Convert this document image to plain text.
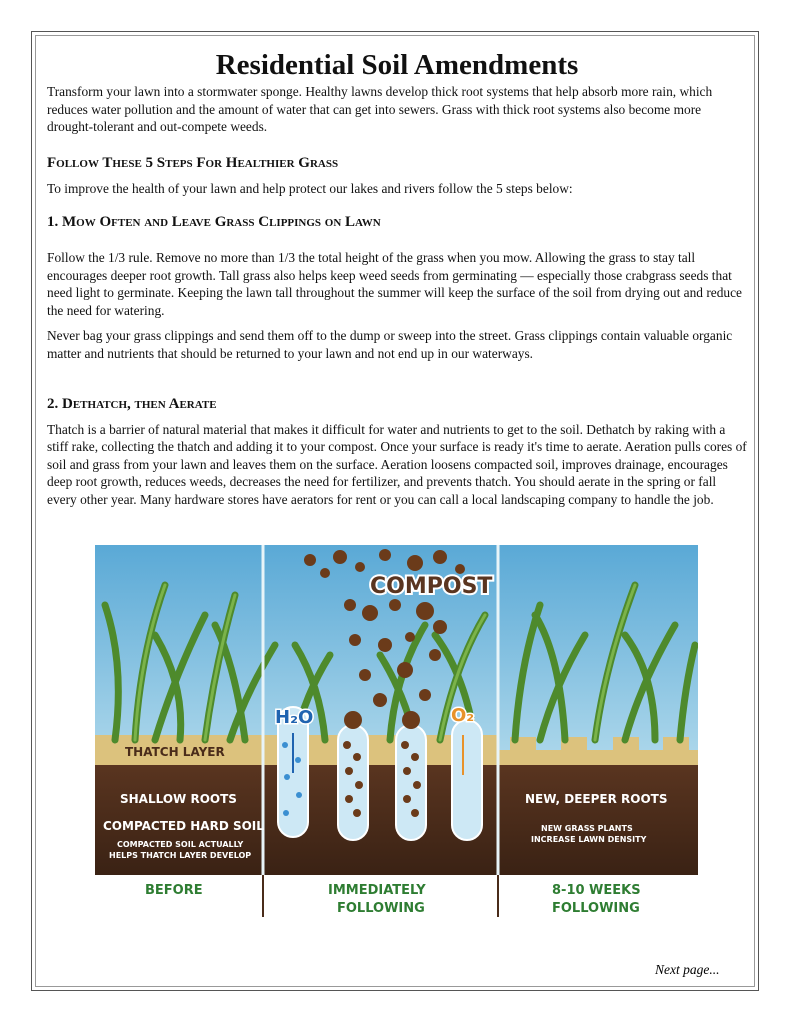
Residential Soil Amendments

Transform your lawn into a stormwater sponge. Healthy lawns develop thick root systems that help absorb more rain, which reduces water pollution and the amount of water that can get into sewers. Grass with thick root systems also become more drought-tolerant and out-compete weeds.

Follow These 5 Steps For Healthier Grass

To improve the health of your lawn and help protect our lakes and rivers follow the 5 steps below:

1. Mow Often and Leave Grass Clippings on Lawn

Follow the 1/3 rule. Remove no more than 1/3 the total height of the grass when you mow. Allowing the grass to stay tall encourages deeper root growth. Tall grass also helps keep weed seeds from germinating — especially those crabgrass seeds that need light to germinate. Keeping the lawn tall throughout the summer will keep the surface of the soil from drying out and reduce the need for watering.

Never bag your grass clippings and send them off to the dump or sweep into the street. Grass clippings contain valuable organic matter and nutrients that should be returned to your lawn and not end up in our waterways.

2. Dethatch, then Aerate

Thatch is a barrier of natural material that makes it difficult for water and nutrients to get to the soil. Dethatch by raking with a stiff rake, collecting the thatch and adding it to your compost. Once your surface is ready it's time to aerate. Aeration pulls cores of soil and grass from your lawn and leaves them on the surface. Aeration loosens compacted soil, improves drainage, encourages deep root growth, reduces weeds, decreases the need for fertilizer, and prevents thatch. You should aerate in the spring or fall every other year. Many hardware stores have aerators for rent or you can call a local landscaping company to handle the job.

COMPOST
H₂O	O₂
THATCH LAYER
SHALLOW ROOTS
COMPACTED HARD SOIL
COMPACTED SOIL ACTUALLY
HELPS THATCH LAYER DEVELOP
NEW, DEEPER ROOTS
NEW GRASS PLANTS
INCREASE LAWN DENSITY
BEFORE	IMMEDIATELY
FOLLOWING
8-10 WEEKS
FOLLOWING
Next page...
